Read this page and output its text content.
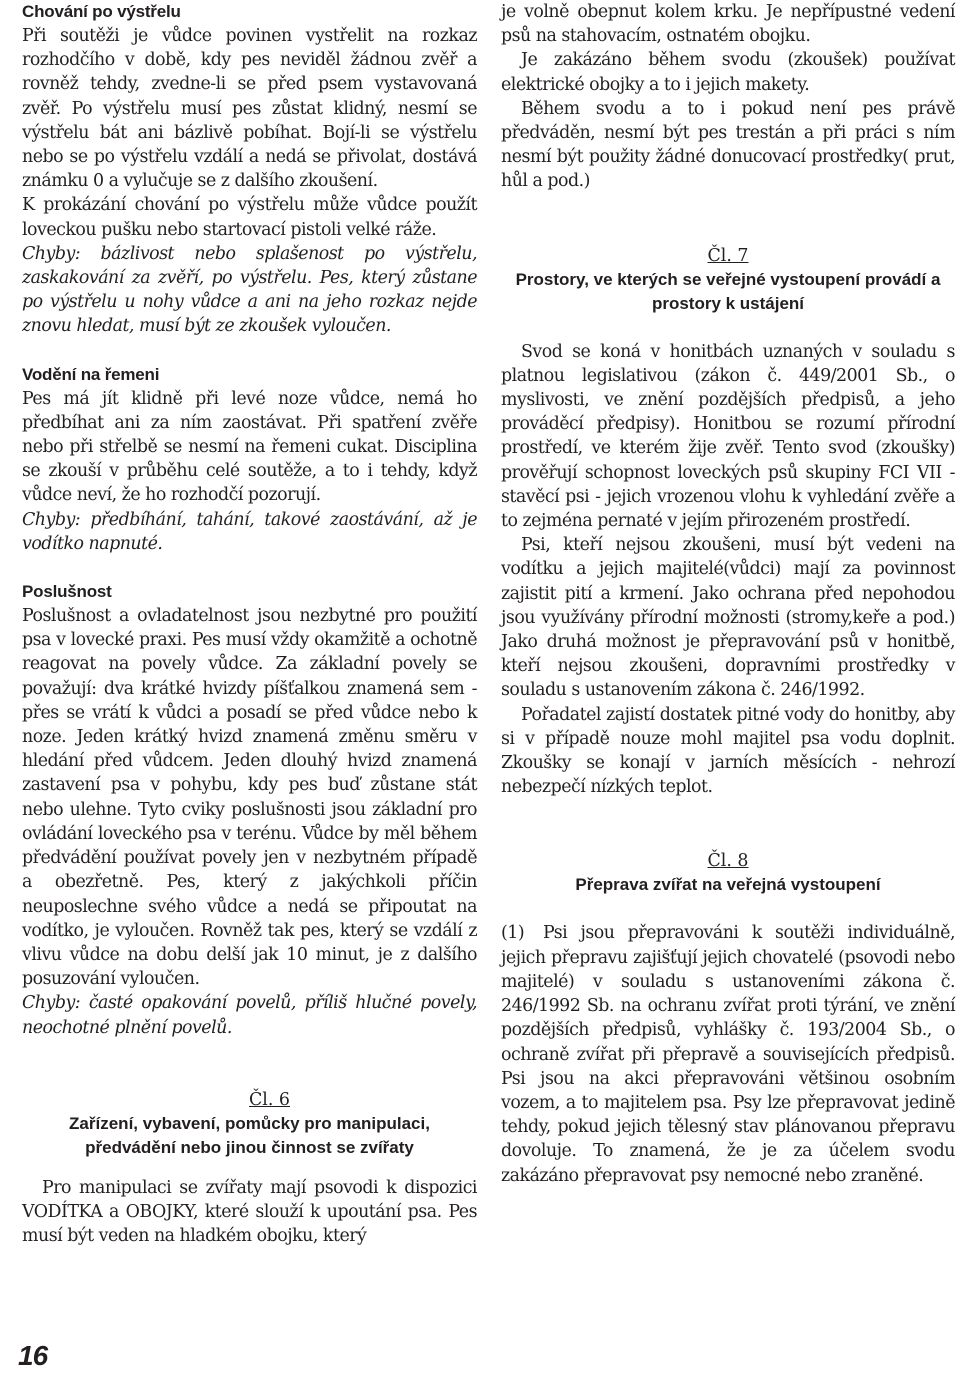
Chování po výstřelu

Při soutěži je vůdce povinen vystřelit na rozkaz rozhodčího v době, kdy pes neviděl žádnou zvěř a rovněž tehdy, zvedne-li se před psem vystavovaná zvěř. Po výstřelu musí pes zůstat klidný, nesmí se výstřelu bát ani bázlivě pobíhat. Bojí-li se výstřelu nebo se po výstřelu vzdálí a nedá se přivolat, dostává známku 0 a vylučuje se z dalšího zkoušení.

K prokázání chování po výstřelu může vůdce použít loveckou pušku nebo startovací pistoli velké ráže.

Chyby: bázlivost nebo splašenost po výstřelu, zaskakování za zvěří, po výstřelu. Pes, který zůstane po výstřelu u nohy vůdce a ani na jeho rozkaz nejde znovu hledat, musí být ze zkoušek vyloučen.

Vodění na řemeni

Pes má jít klidně při levé noze vůdce, nemá ho předbíhat ani za ním zaostávat. Při spatření zvěře nebo při střelbě se nesmí na řemeni cukat. Disciplina se zkouší v průběhu celé soutěže, a to i tehdy, když vůdce neví, že ho rozhodčí pozorují.

Chyby: předbíhání, tahání, takové zaostávání, až je vodítko napnuté.

Poslušnost

Poslušnost a ovladatelnost jsou nezbytné pro použití psa v lovecké praxi. Pes musí vždy okamžitě a ochotně reagovat na povely vůdce. Za základní povely se považují: dva krátké hvizdy píšťalkou znamená sem - přes se vrátí k vůdci a posadí se před vůdce nebo k noze. Jeden krátký hvizd znamená změnu směru v hledání před vůdcem. Jeden dlouhý hvizd znamená zastavení psa v pohybu, kdy pes buď zůstane stát nebo ulehne. Tyto cviky poslušnosti jsou základní pro ovládání loveckého psa v terénu. Vůdce by měl během předvádění používat povely jen v nezbytném případě a obezřetně. Pes, který z jakýchkoli příčin neuposlechne svého vůdce a nedá se připoutat na vodítko, je vyloučen. Rovněž tak pes, který se vzdálí z vlivu vůdce na dobu delší jak 10 minut, je z dalšího posuzování vyloučen.

Chyby: časté opakování povelů, příliš hlučné povely, neochotné plnění povelů.

Čl. 6
Zařízení, vybavení, pomůcky pro manipulaci, předvádění nebo jinou činnost se zvířaty

Pro manipulaci se zvířaty mají psovodi k dispozici VODÍTKA a OBOJKY, které slouží k upoutání psa. Pes musí být veden na hladkém obojku, který

je volně obepnut kolem krku. Je nepřípustné vedení psů na stahovacím, ostnatém obojku.

Je zakázáno během svodu (zkoušek) používat elektrické obojky a to i jejich makety.

Během svodu a to i pokud není pes právě předváděn, nesmí být pes trestán a při práci s ním nesmí být použity žádné donucovací prostředky( prut, hůl a pod.)

Čl. 7
Prostory, ve kterých se veřejné vystoupení provádí a prostory k ustájení

Svod se koná v honitbách uznaných v souladu s platnou legislativou (zákon č. 449/2001 Sb., o myslivosti, ve znění pozdějších předpisů, a jeho prováděcí předpisy). Honitbou se rozumí přírodní prostředí, ve kterém žije zvěř. Tento svod (zkoušky) prověřují schopnost loveckých psů skupiny FCI VII - stavěcí psi - jejich vrozenou vlohu k vyhledání zvěře a to zejména pernaté v jejím přirozeném prostředí.

Psi, kteří nejsou zkoušeni, musí být vedeni na vodítku a jejich majitelé(vůdci) mají za povinnost zajistit pití a krmení. Jako ochrana před nepohodou jsou využívány přírodní možnosti (stromy,keře a pod.) Jako druhá možnost je přepravování psů v honitbě, kteří nejsou zkoušeni, dopravními prostředky v souladu s ustanovením zákona č. 246/1992.

Pořadatel zajistí dostatek pitné vody do honitby, aby si v případě nouze mohl majitel psa vodu doplnit. Zkoušky se konají v jarních měsících - nehrozí nebezpečí nízkých teplot.

Čl. 8
Přeprava zvířat na veřejná vystoupení

(1) Psi jsou přepravováni k soutěži individuálně, jejich přepravu zajišťují jejich chovatelé (psovodi nebo majitelé) v souladu s ustanoveními zákona č. 246/1992 Sb. na ochranu zvířat proti týrání, ve znění pozdějších předpisů, vyhlášky č. 193/2004 Sb., o ochraně zvířat při přepravě a souvisejících předpisů. Psi jsou na akci přepravováni většinou osobním vozem, a to majitelem psa. Psy lze přepravovat jedině tehdy, pokud jejich tělesný stav plánovanou přepravu dovoluje. To znamená, že je za účelem svodu zakázáno přepravovat psy nemocné nebo zraněné.

16
